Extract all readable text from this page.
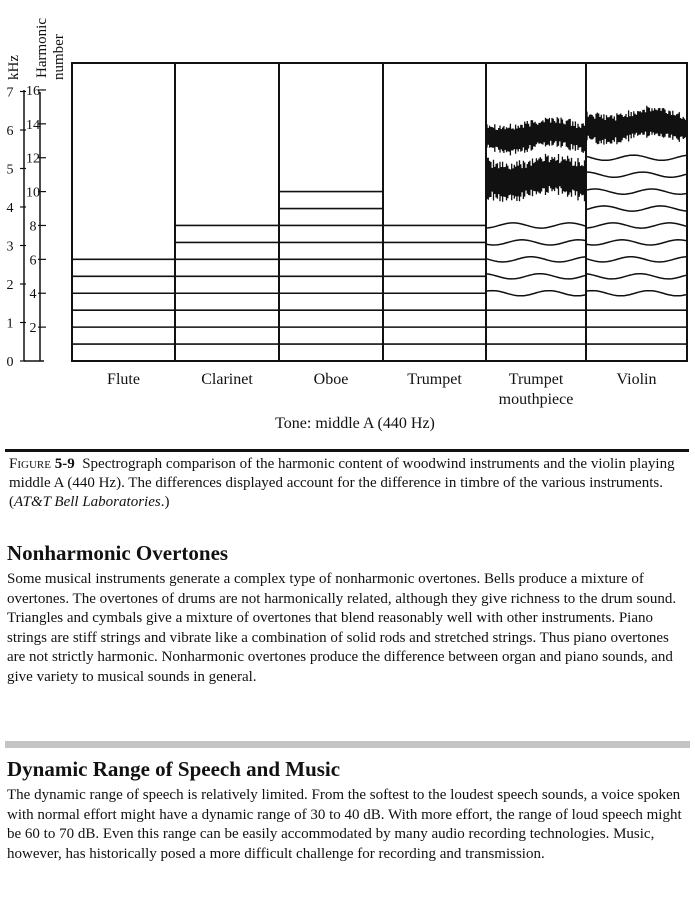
kHz Harmonic number
7
6
5
4
3
2
1
0
16
14
12
10
8
6
4
2
Flute	Clarinet	Oboe	Trumpet	Trumpet
mouthpiece
Violin
Tone: middle A (440 Hz)
Figure 5-9 Spectrograph comparison of the harmonic content of woodwind instruments and the violin playing middle A (440 Hz). The differences displayed account for the difference in timbre of the various instruments. (AT&T Bell Laboratories.)
Nonharmonic Overtones

Some musical instruments generate a complex type of nonharmonic overtones. Bells produce a mixture of overtones. The overtones of drums are not harmonically related, although they give richness to the drum sound. Triangles and cymbals give a mixture of overtones that blend reasonably well with other instruments. Piano strings are stiff strings and vibrate like a combination of solid rods and stretched strings. Thus piano overtones are not strictly harmonic. Nonharmonic overtones produce the difference between organ and piano sounds, and give variety to musical sounds in general.

Dynamic Range of Speech and Music

The dynamic range of speech is relatively limited. From the softest to the loudest speech sounds, a voice spoken with normal effort might have a dynamic range of 30 to 40 dB. With more effort, the range of loud speech might be 60 to 70 dB. Even this range can be easily accommodated by many audio recording technologies. Music, however, has historically posed a more difficult challenge for recording and transmission.
